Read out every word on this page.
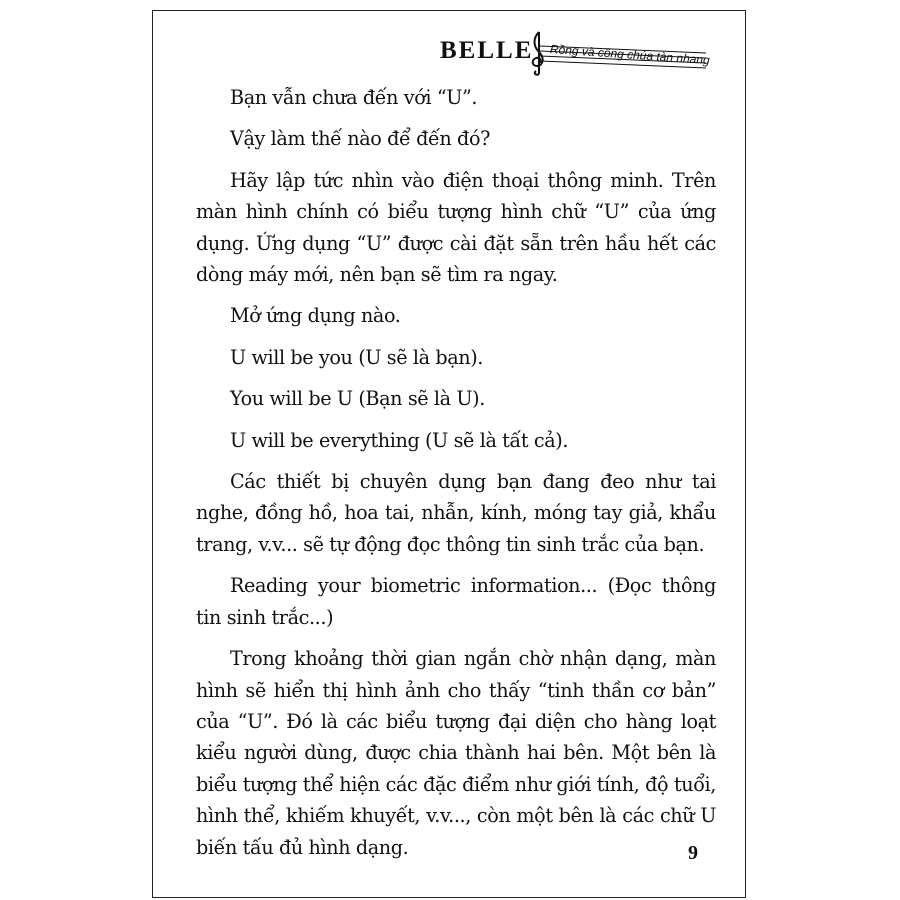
BELLE Rồng và công chúa tàn nhang

Bạn vẫn chưa đến với “U”.

Vậy làm thế nào để đến đó?

Hãy lập tức nhìn vào điện thoại thông minh. Trên màn hình chính có biểu tượng hình chữ “U” của ứng dụng. Ứng dụng “U” được cài đặt sẵn trên hầu hết các dòng máy mới, nên bạn sẽ tìm ra ngay.

Mở ứng dụng nào.

U will be you (U sẽ là bạn).

You will be U (Bạn sẽ là U).

U will be everything (U sẽ là tất cả).

Các thiết bị chuyên dụng bạn đang đeo như tai nghe, đồng hồ, hoa tai, nhẫn, kính, móng tay giả, khẩu trang, v.v... sẽ tự động đọc thông tin sinh trắc của bạn.

Reading your biometric information... (Đọc thông tin sinh trắc...)

Trong khoảng thời gian ngắn chờ nhận dạng, màn hình sẽ hiển thị hình ảnh cho thấy “tinh thần cơ bản” của “U”. Đó là các biểu tượng đại diện cho hàng loạt kiểu người dùng, được chia thành hai bên. Một bên là biểu tượng thể hiện các đặc điểm như giới tính, độ tuổi, hình thể, khiếm khuyết, v.v..., còn một bên là các chữ U biến tấu đủ hình dạng.	9
